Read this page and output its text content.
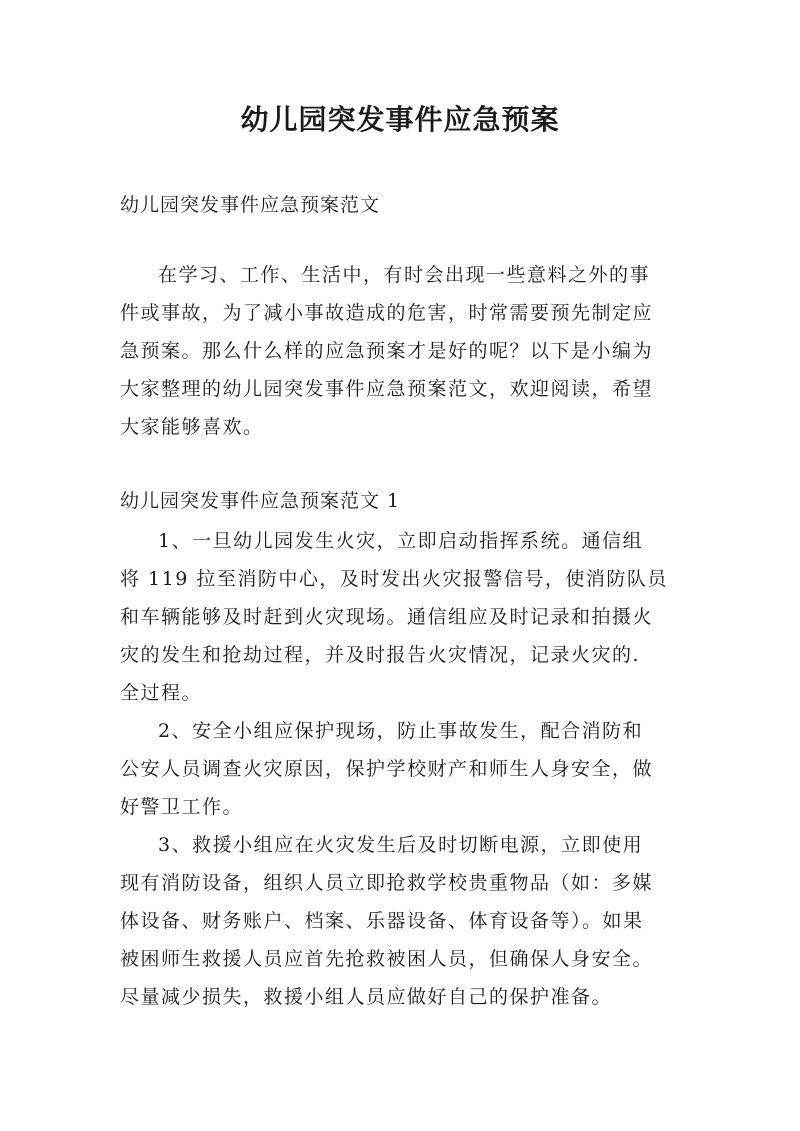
幼儿园突发事件应急预案

幼儿园突发事件应急预案范文

在学习、工作、生活中，有时会出现一些意料之外的事
件或事故，为了减小事故造成的危害，时常需要预先制定应
急预案。那么什么样的应急预案才是好的呢？以下是小编为
大家整理的幼儿园突发事件应急预案范文，欢迎阅读，希望
大家能够喜欢。

幼儿园突发事件应急预案范文 1

1、一旦幼儿园发生火灾，立即启动指挥系统。通信组
将 119 拉至消防中心，及时发出火灾报警信号，使消防队员
和车辆能够及时赶到火灾现场。通信组应及时记录和拍摄火
灾的发生和抢劫过程，并及时报告火灾情况，记录火灾的.
全过程。
2、安全小组应保护现场，防止事故发生，配合消防和
公安人员调查火灾原因，保护学校财产和师生人身安全，做
好警卫工作。
3、救援小组应在火灾发生后及时切断电源，立即使用
现有消防设备，组织人员立即抢救学校贵重物品（如：多媒
体设备、财务账户、档案、乐器设备、体育设备等）。如果
被困师生救援人员应首先抢救被困人员，但确保人身安全。
尽量减少损失，救援小组人员应做好自己的保护准备。
